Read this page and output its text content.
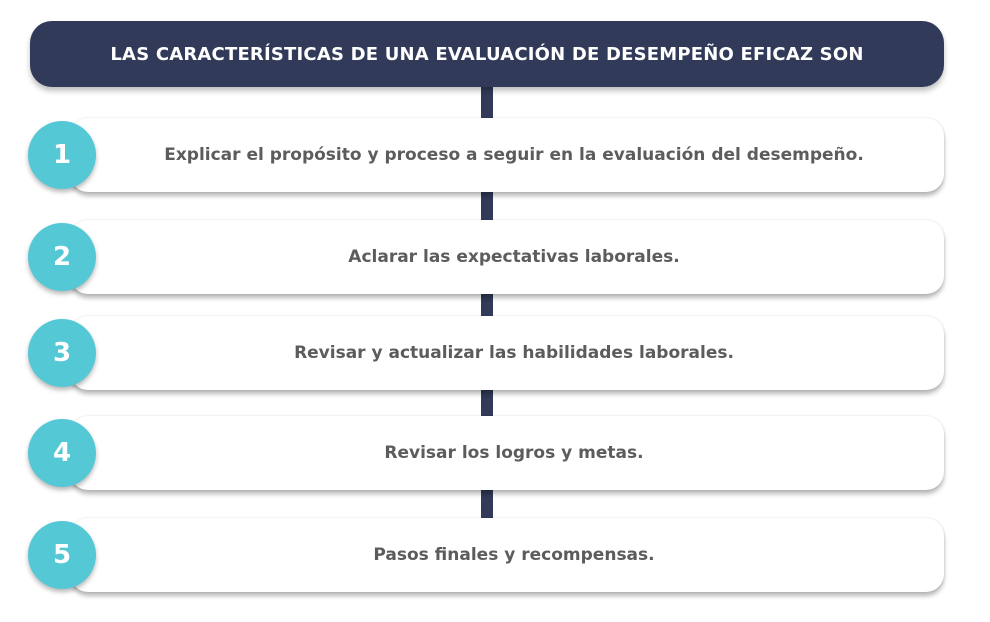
LAS CARACTERÍSTICAS DE UNA EVALUACIÓN DE DESEMPEÑO EFICAZ SON
Explicar el propósito y proceso a seguir en la evaluación del desempeño.
1
Aclarar las expectativas laborales.
2
Revisar y actualizar las habilidades laborales.
3
Revisar los logros y metas.
4
Pasos finales y recompensas.
5
